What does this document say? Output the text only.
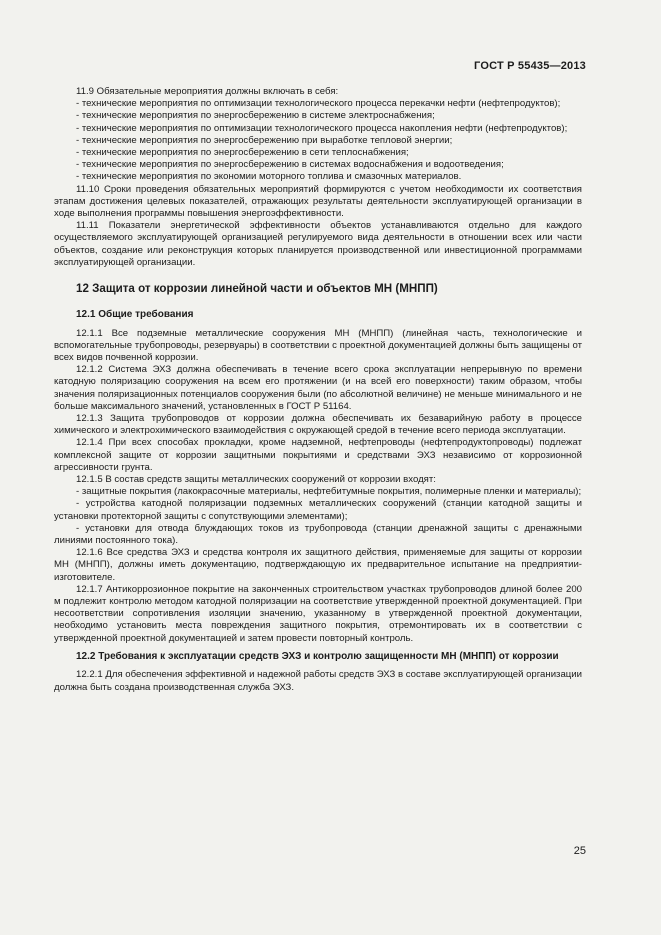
ГОСТ Р 55435—2013

11.9 Обязательные мероприятия должны включать в себя:

- технические мероприятия по оптимизации технологического процесса перекачки нефти (нефтепродуктов);

- технические мероприятия по энергосбережению в системе электроснабжения;

- технические мероприятия по оптимизации технологического процесса накопления нефти (нефтепродуктов);

- технические мероприятия по энергосбережению при выработке тепловой энергии;

- технические мероприятия по энергосбережению в сети теплоснабжения;

- технические мероприятия по энергосбережению в системах водоснабжения и водоотведения;

- технические мероприятия по экономии моторного топлива и смазочных материалов.

11.10 Сроки проведения обязательных мероприятий формируются с учетом необходимости их соответствия этапам достижения целевых показателей, отражающих результаты деятельности эксплуатирующей организации в ходе выполнения программы повышения энергоэффективности.

11.11 Показатели энергетической эффективности объектов устанавливаются отдельно для каждого осуществляемого эксплуатирующей организацией регулируемого вида деятельности в отношении всех или части объектов, создание или реконструкция которых планируется производственной или инвестиционной программами эксплуатирующей организации.

12 Защита от коррозии линейной части и объектов МН (МНПП)

12.1 Общие требования

12.1.1 Все подземные металлические сооружения МН (МНПП) (линейная часть, технологические и вспомогательные трубопроводы, резервуары) в соответствии с проектной документацией должны быть защищены от всех видов почвенной коррозии.

12.1.2 Система ЭХЗ должна обеспечивать в течение всего срока эксплуатации непрерывную по времени катодную поляризацию сооружения на всем его протяжении (и на всей его поверхности) таким образом, чтобы значения поляризационных потенциалов сооружения были (по абсолютной величине) не меньше минимального и не больше максимального значений, установленных в ГОСТ Р 51164.

12.1.3 Защита трубопроводов от коррозии должна обеспечивать их безаварийную работу в процессе химического и электрохимического взаимодействия с окружающей средой в течение всего периода эксплуатации.

12.1.4 При всех способах прокладки, кроме надземной, нефтепроводы (нефтепродуктопроводы) подлежат комплексной защите от коррозии защитными покрытиями и средствами ЭХЗ независимо от коррозионной агрессивности грунта.

12.1.5 В состав средств защиты металлических сооружений от коррозии входят:

- защитные покрытия (лакокрасочные материалы, нефтебитумные покрытия, полимерные пленки и материалы);

- устройства катодной поляризации подземных металлических сооружений (станции катодной защиты и установки протекторной защиты с сопутствующими элементами);

- установки для отвода блуждающих токов из трубопровода (станции дренажной защиты с дренажными линиями постоянного тока).

12.1.6 Все средства ЭХЗ и средства контроля их защитного действия, применяемые для защиты от коррозии МН (МНПП), должны иметь документацию, подтверждающую их предварительное испытание на предприятии-изготовителе.

12.1.7 Антикоррозионное покрытие на законченных строительством участках трубопроводов длиной более 200 м подлежит контролю методом катодной поляризации на соответствие утвержденной проектной документацией. При несоответствии сопротивления изоляции значению, указанному в утвержденной проектной документации, необходимо установить места повреждения защитного покрытия, отремонтировать их в соответствии с утвержденной проектной документацией и затем провести повторный контроль.

12.2 Требования к эксплуатации средств ЭХЗ и контролю защищенности МН (МНПП) от коррозии

12.2.1 Для обеспечения эффективной и надежной работы средств ЭХЗ в составе эксплуатирующей организации должна быть создана производственная служба ЭХЗ.

25
